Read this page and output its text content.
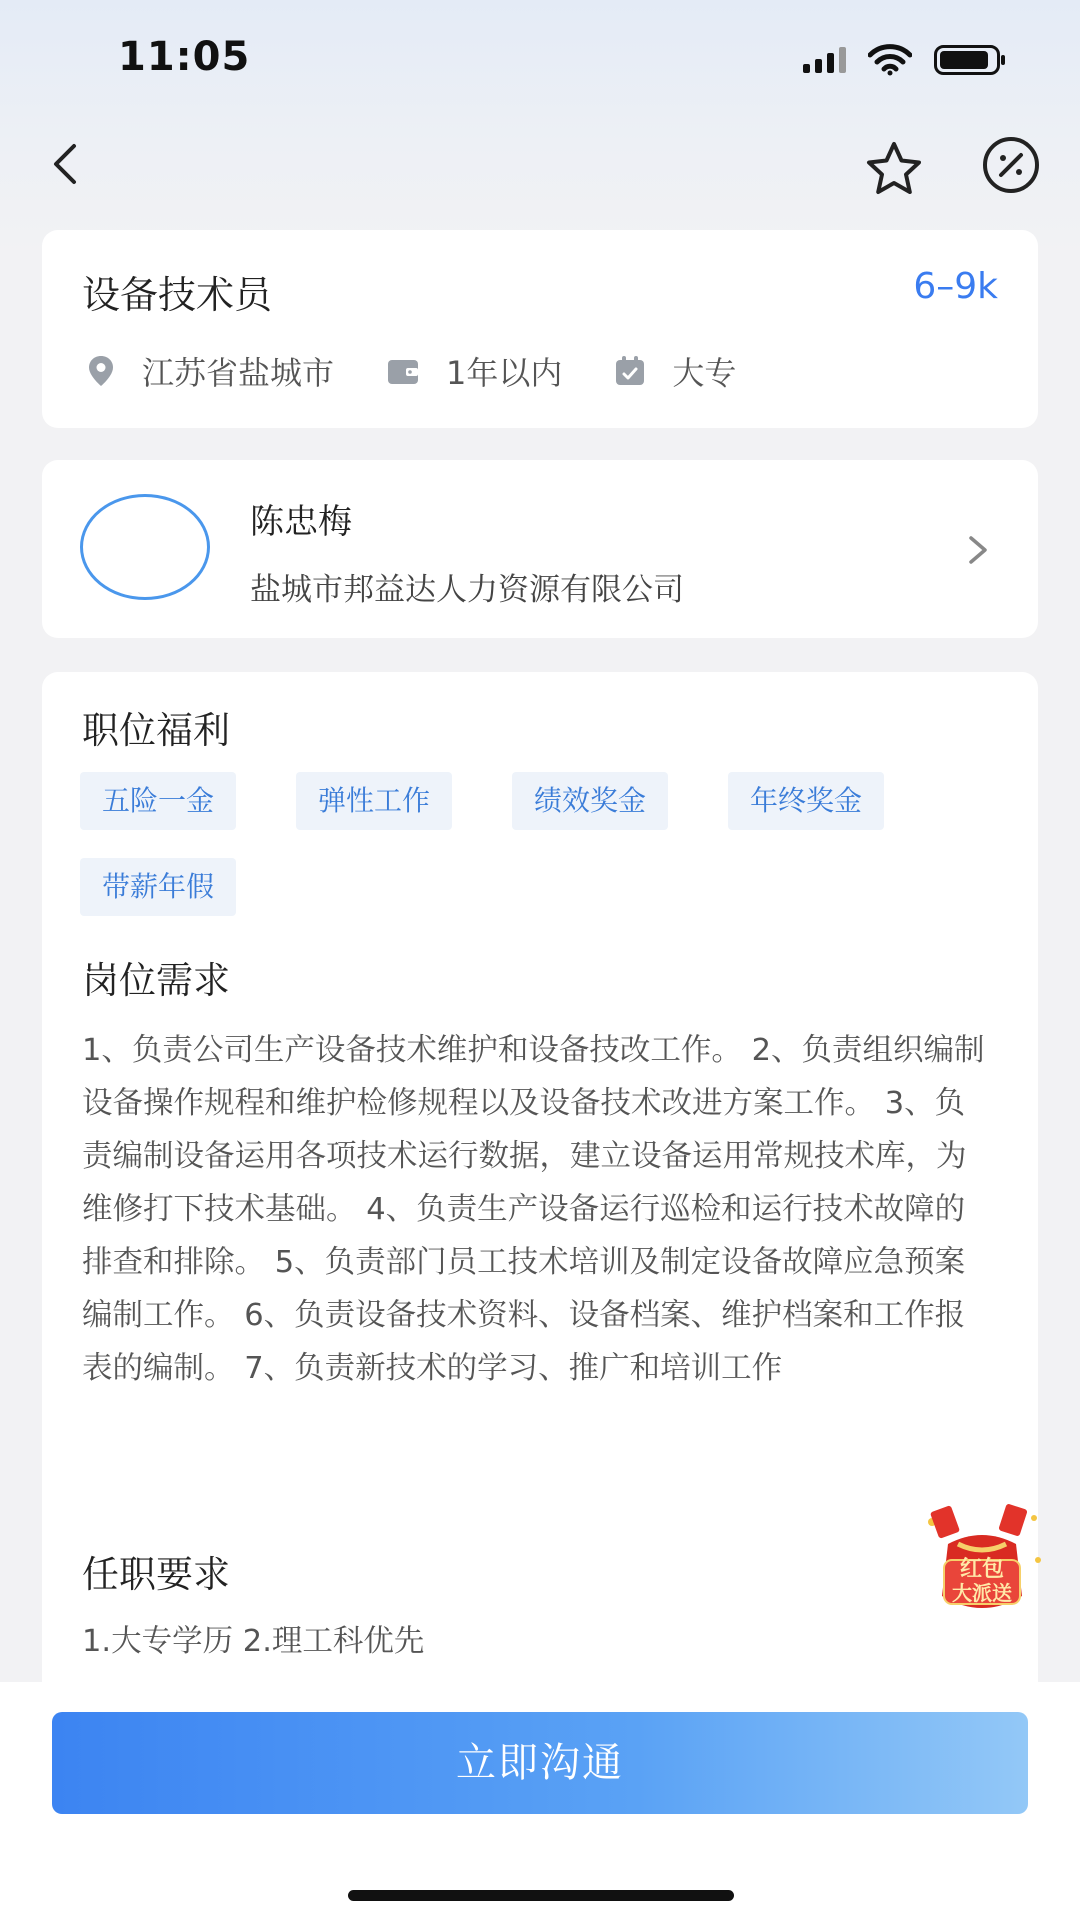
11:05
设备技术员	6–9k
江苏省盐城市	1年以内	大专
陈忠梅
盐城市邦益达人力资源有限公司
职位福利
五险一金	弹性工作	绩效奖金	年终奖金
带薪年假
岗位需求
1、负责公司生产设备技术维护和设备技改工作。 2、负责组织编制设备操作规程和维护检修规程以及设备技术改进方案工作。 3、负责编制设备运用各项技术运行数据，建立设备运用常规技术库，为维修打下技术基础。 4、负责生产设备运行巡检和运行技术故障的排查和排除。 5、负责部门员工技术培训及制定设备故障应急预案编制工作。 6、负责设备技术资料、设备档案、维护档案和工作报表的编制。 7、负责新技术的学习、推广和培训工作
任职要求
1.大专学历 2.理工科优先
红包
大派送
立即沟通
